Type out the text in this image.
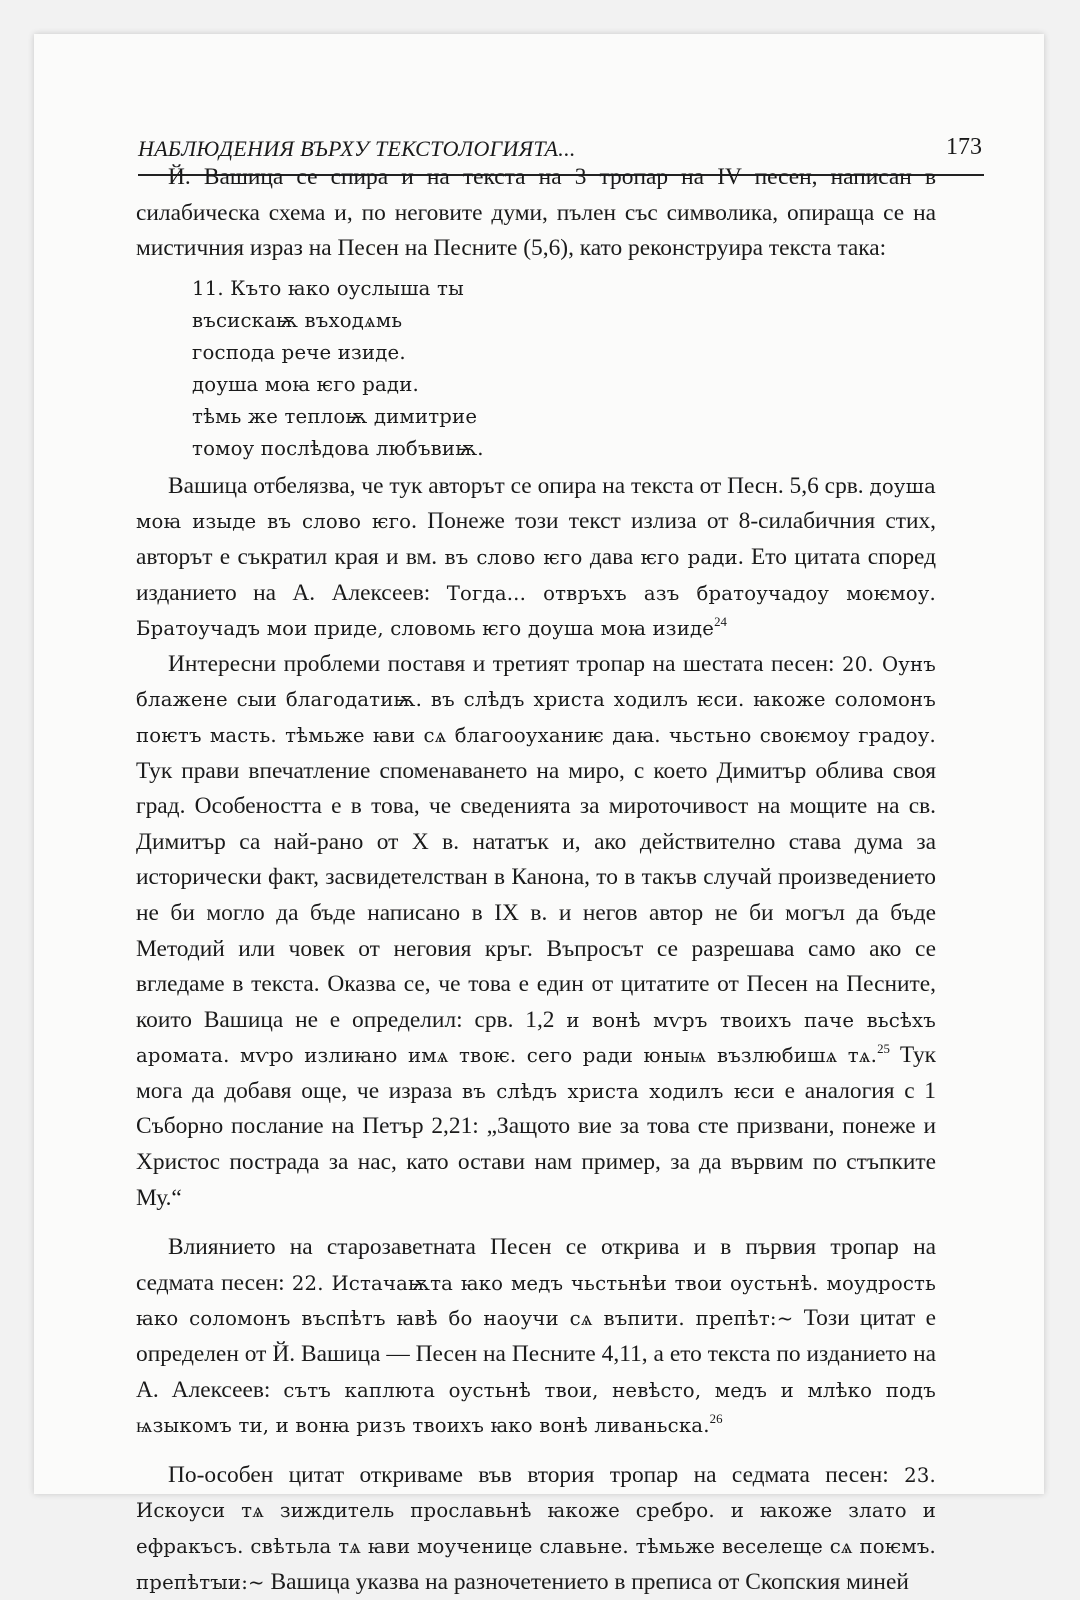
НАБЛЮДЕНИЯ ВЪРХУ ТЕКСТОЛОГИЯТА...	173

Й. Вашица се спира и на текста на 3 тропар на IV песен, написан в силабическа схема и, по неговите думи, пълен със символика, опираща се на мистичния израз на Песен на Песните (5,6), като реконструира текста така:

11. Къто ꙗко оуслыша ты
въсискаѭ въходѧмь
господа рече изиде.
доуша моꙗ ѥго ради.
тѣмь же теплоѭ димитрие
томоу послѣдова любъвиѭ.

Вашица отбелязва, че тук авторът се опира на текста от Песн. 5,6 срв. доуша моꙗ изыде въ слово ѥго. Понеже този текст излиза от 8-силабичния стих, авторът е съкратил края и вм. въ слово ѥго дава ѥго ради. Ето цитата според изданието на А. Алексеев: Тогда... отвръхъ азъ братоучадоу моѥмоу. Братоучадъ мои приде, словомь ѥго доуша моꙗ изиде$^{24}$

Интересни проблеми поставя и третият тропар на шестата песен: 20. Оунъ блажене сыи благодатиѭ. въ слѣдъ христа ходилъ ѥси. ꙗкоже соломонъ поѥтъ масть. тѣмьже ꙗви сѧ благооуханиѥ даꙗ. чьстьно своѥмоу градоу. Тук прави впечатление споменаването на миро, с което Димитър облива своя град. Особеността е в това, че сведенията за мироточивост на мощите на св. Димитър са най-рано от X в. нататък и, ако действително става дума за исторически факт, засвидетелстван в Канона, то в такъв случай произведението не би могло да бъде написано в IX в. и негов автор не би могъл да бъде Методий или човек от неговия кръг. Въпросът се разрешава само ако се вгледаме в текста. Оказва се, че това е един от цитатите от Песен на Песните, които Вашица не е определил: срв. 1,2 и вонѣ мѵръ твоихъ паче вьсѣхъ аромата. мѵро излиꙗно имѧ твоѥ. сего ради юныѩ възлюбишѧ тѧ.$^{25}$ Тук мога да добавя още, че израза въ слѣдъ христа ходилъ ѥси е аналогия с 1 Съборно послание на Петър 2,21: „Защото вие за това сте призвани, понеже и Христос пострада за нас, като остави нам пример, за да вървим по стъпките Му.“

Влиянието на старозаветната Песен се открива и в първия тропар на седмата песен: 22. Истачаѭта ꙗко медъ чьстьнѣи твои оустьнѣ. моудрость ꙗко соломонъ въспѣтъ ꙗвѣ бо наоучи сѧ въпити. препѣт:~ Този цитат е определен от Й. Вашица — Песен на Песните 4,11, а ето текста по изданието на А. Алексеев: сътъ каплюта оустьнѣ твои, невѣсто, медъ и млѣко подъ ѩзыкомъ ти, и вонꙗ ризъ твоихъ ꙗко вонѣ ливаньска.$^{26}$

По-особен цитат откриваме във втория тропар на седмата песен: 23. Искоуси тѧ зиждитель прославьнѣ ꙗкоже сребро. и ꙗкоже злато и ефракъсъ. свѣтьла тѧ ꙗви моученице славьне. тѣмьже веселеще сѧ поѥмъ. препѣтꙑи:~ Вашица указва на разночетението в преписа от Скопския миней
